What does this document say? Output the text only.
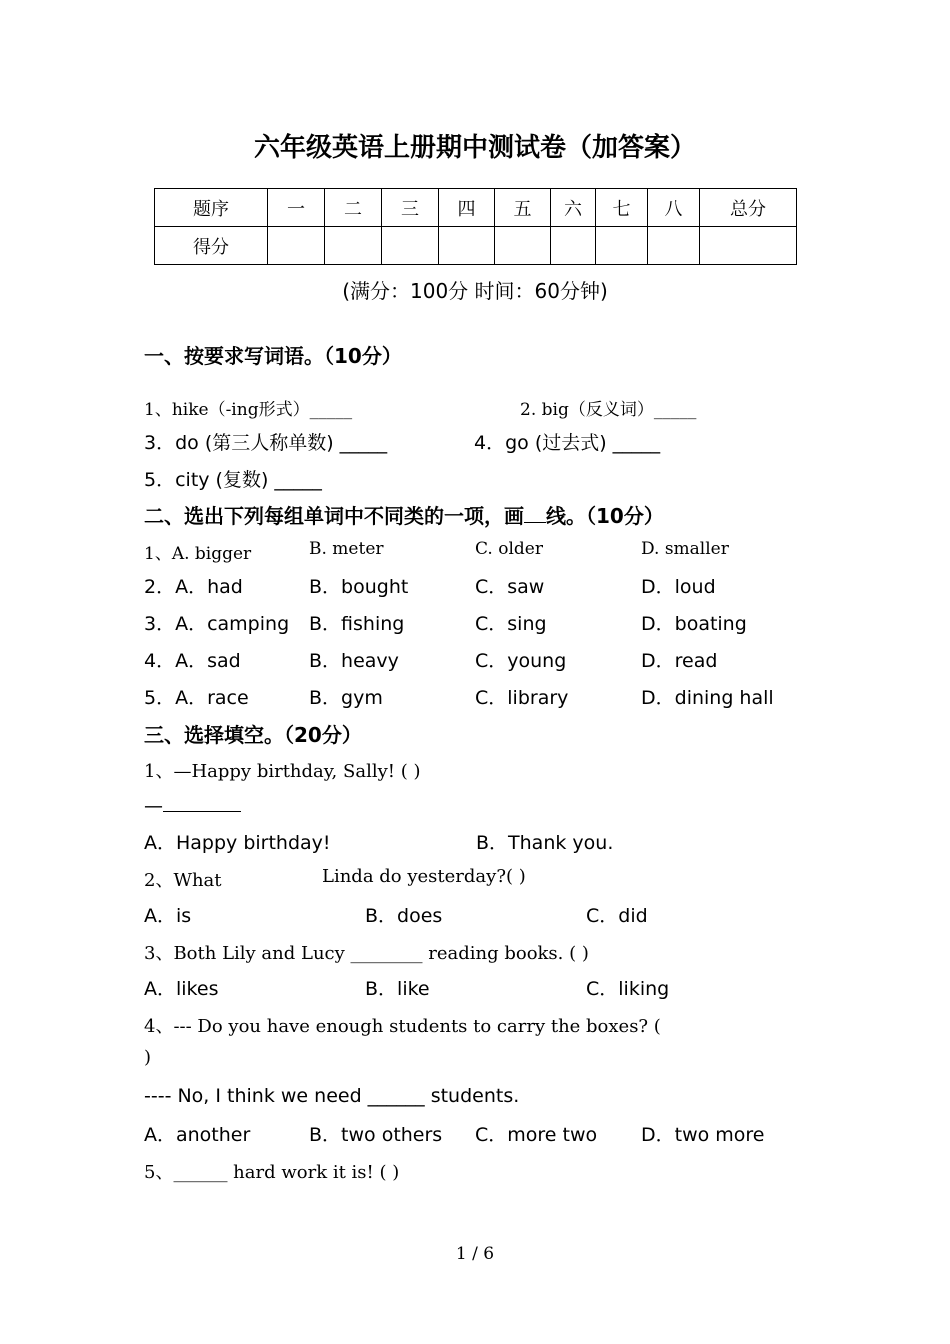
六年级英语上册期中测试卷（加答案）
题序	一	二	三	四	五	六	七	八	总分
得分									
(满分：100分 时间：60分钟)
一、按要求写词语。（10分）
1、hike（-ing形式）_____	2. big（反义词）_____
3．do (第三人称单数) _____	4．go (过去式) _____
5．city (复数) _____
二、选出下列每组单词中不同类的一项，画 线。（10分）
1、A. bigger	B. meter	C. older	D. smaller
2．A．had	B．bought	C．saw	D．loud
3．A．camping B．fishing	C．sing	D．boating
4．A．sad	B．heavy	C．young	D．read
5．A．race	B．gym	C．library	D．dining hall
三、选择填空。（20分）
1、—Happy birthday, Sally! ( )
—
A．Happy birthday!	B．Thank you.
2、What	Linda do yesterday?( )
A．is	B．does	C．did
3、Both Lily and Lucy ________ reading books. ( )
A．likes	B．like	C．liking
4、--- Do you have enough students to carry the boxes? (
)
---- No, I think we need ______ students.
A．another	B．two others C．more two D．two more
5、______ hard work it is! ( )
1 / 6
